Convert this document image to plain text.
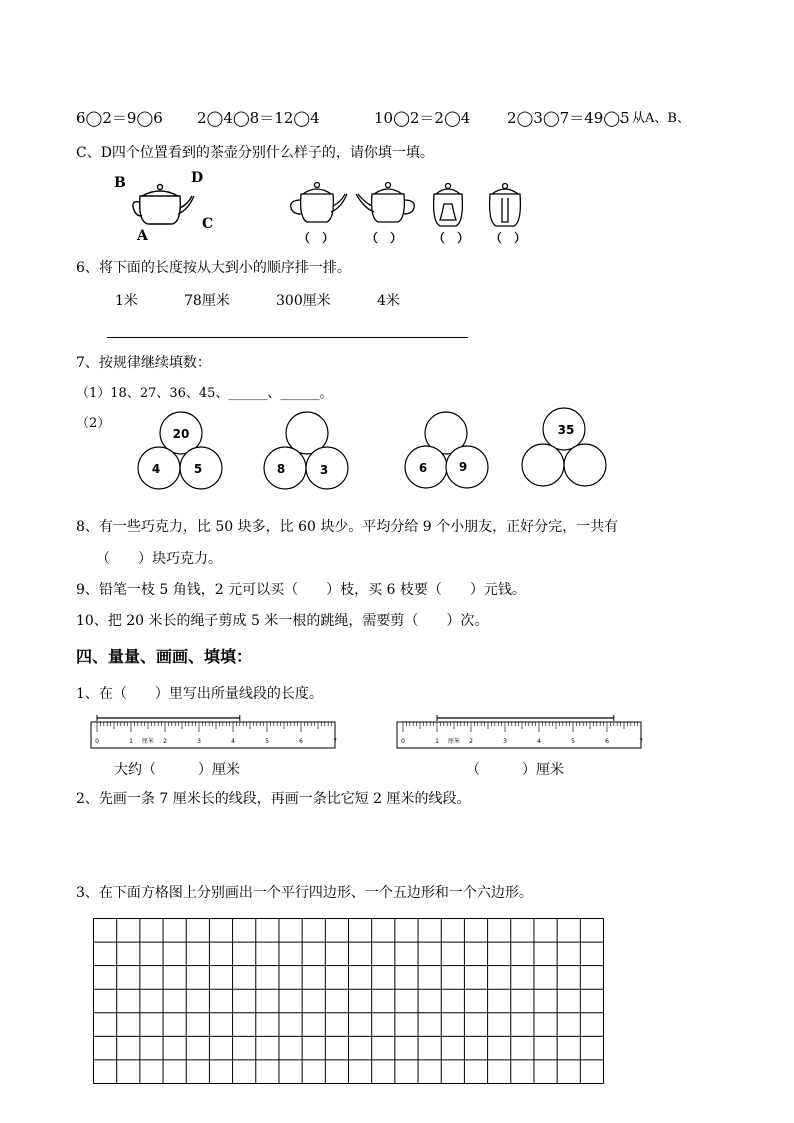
6◯2＝9◯6 2◯4◯8＝12◯4	10◯2＝2◯4 2◯3◯7＝49◯5
、从A、B、
C、D四个位置看到的茶壶分别什么样子的，请你填一填。
B	D
C
A	（　）	（　）	（　） （　）
6、将下面的长度按从大到小的顺序排一排。
1米	78厘米	300厘米	4米
7、按规律继续填数：
（1）18、27、36、45、______、______。
（2）
20
4	5	8	3	6	9
35
8、有一些巧克力，比 50 块多，比 60 块少。平均分给 9 个小朋友，正好分完，一共有
（　　）块巧克力。
9、铅笔一枝 5 角钱，2 元可以买（　　）枝，买 6 枝要（　　）元钱。
10、把 20 米长的绳子剪成 5 米一根的跳绳，需要剪（　　）次。
四、量量、画画、填填：
1、在（　　）里写出所量线段的长度。
0	1 厘米 2	3	4	5	6	7	0	1 厘米 2	3	4	5	6	7
大约（　　　）厘米	（　　　）厘米
2、先画一条 7 厘米长的线段，再画一条比它短 2 厘米的线段。
3、在下面方格图上分别画出一个平行四边形、一个五边形和一个六边形。
